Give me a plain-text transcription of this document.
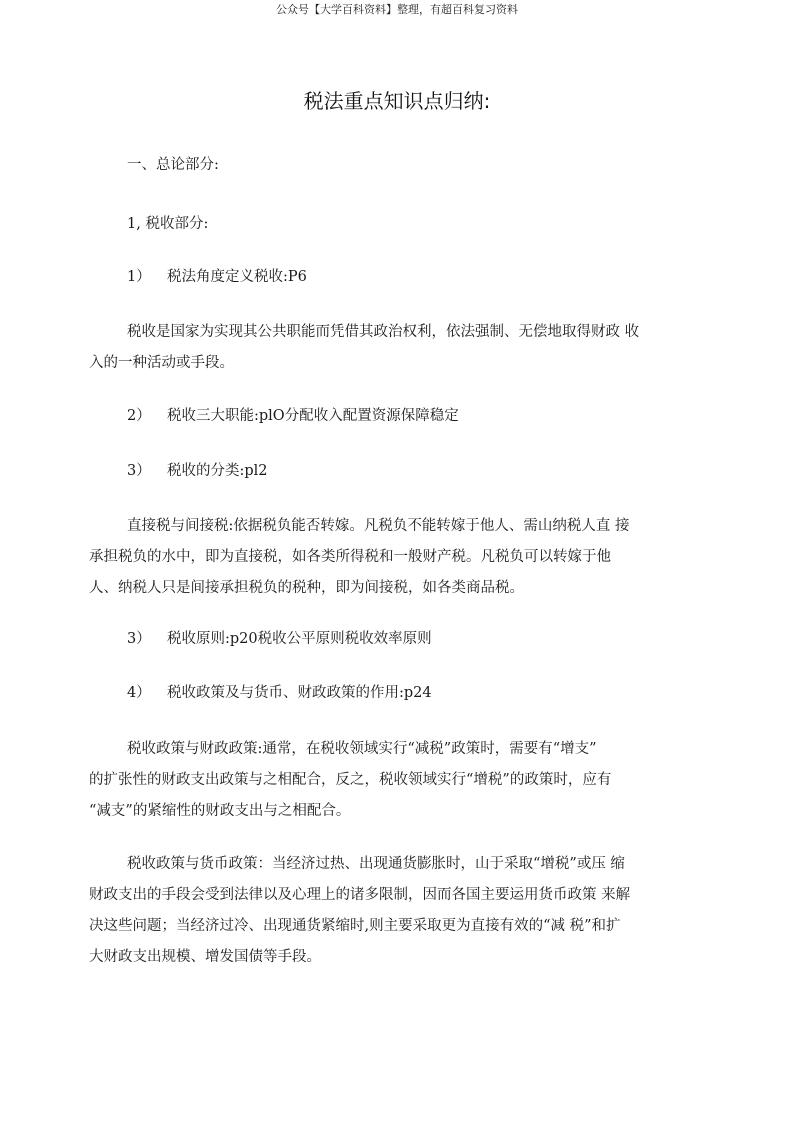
公众号【大学百科资料】整理，有超百科复习资料
税法重点知识点归纳:

一、总论部分:

1, 税收部分:

1） 税法角度定义税收:P6

税收是国家为实现其公共职能而凭借其政治权利，依法强制、无偿地取得财政 收
入的一种活动或手段。

2） 税收三大职能:plO分配收入配置资源保障稳定

3） 税收的分类:pl2

直接税与间接税:依据税负能否转嫁。凡税负不能转嫁于他人、需山纳税人直 接
承担税负的水中，即为直接税，如各类所得税和一般财产税。凡税负可以转嫁于他
人、纳税人只是间接承担税负的税种，即为间接税，如各类商品税。

3） 税收原则:p20税收公平原则税收效率原则

4） 税收政策及与货币、财政政策的作用:p24

税收政策与财政政策:通常，在税收领域实行“减税”政策时，需要有“增支”
的扩张性的财政支出政策与之相配合，反之，税收领域实行“增税”的政策时，应有
“减支”的紧缩性的财政支出与之相配合。
税收政策与货币政策：当经济过热、出现通货膨胀时，山于采取“增税”或压 缩
财政支出的手段会受到法律以及心理上的诸多限制，因而各国主要运用货币政策 来解
决这些问题；当经济过冷、出现通货紧缩时,则主要采取更为直接有效的“减 税”和扩
大财政支出规模、增发国债等手段。
